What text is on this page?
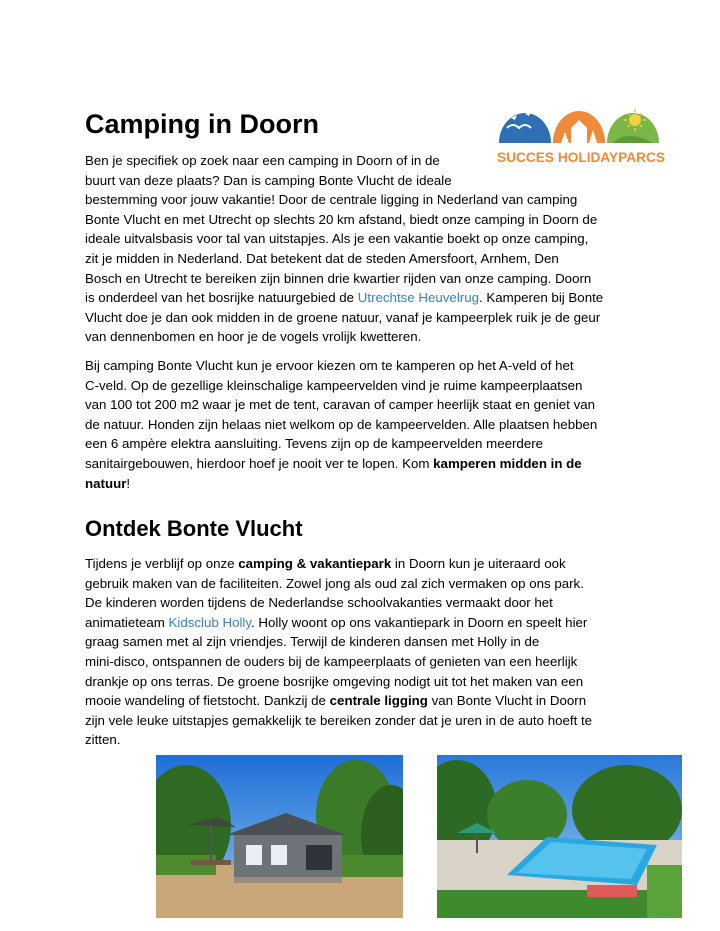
Camping in Doorn
SUCCES HOLIDAYPARCS

Ben je specifiek op zoek naar een camping in Doorn of in de
buurt van deze plaats? Dan is camping Bonte Vlucht de ideale
bestemming voor jouw vakantie! Door de centrale ligging in Nederland van camping
Bonte Vlucht en met Utrecht op slechts 20 km afstand, biedt onze camping in Doorn de
ideale uitvalsbasis voor tal van uitstapjes. Als je een vakantie boekt op onze camping,
zit je midden in Nederland. Dat betekent dat de steden Amersfoort, Arnhem, Den
Bosch en Utrecht te bereiken zijn binnen drie kwartier rijden van onze camping. Doorn
is onderdeel van het bosrijke natuurgebied de Utrechtse Heuvelrug. Kamperen bij Bonte
Vlucht doe je dan ook midden in de groene natuur, vanaf je kampeerplek ruik je de geur
van dennenbomen en hoor je de vogels vrolijk kwetteren.

Bij camping Bonte Vlucht kun je ervoor kiezen om te kamperen op het A-veld of het
C-veld. Op de gezellige kleinschalige kampeervelden vind je ruime kampeerplaatsen
van 100 tot 200 m2 waar je met de tent, caravan of camper heerlijk staat en geniet van
de natuur. Honden zijn helaas niet welkom op de kampeervelden. Alle plaatsen hebben
een 6 ampère elektra aansluiting. Tevens zijn op de kampeervelden meerdere
sanitairgebouwen, hierdoor hoef je nooit ver te lopen. Kom kamperen midden in de
natuur!

Ontdek Bonte Vlucht

Tijdens je verblijf op onze camping & vakantiepark in Doorn kun je uiteraard ook
gebruik maken van de faciliteiten. Zowel jong als oud zal zich vermaken op ons park.
De kinderen worden tijdens de Nederlandse schoolvakanties vermaakt door het
animatieteam Kidsclub Holly. Holly woont op ons vakantiepark in Doorn en speelt hier
graag samen met al zijn vriendjes. Terwijl de kinderen dansen met Holly in de
mini-disco, ontspannen de ouders bij de kampeerplaats of genieten van een heerlijk
drankje op ons terras. De groene bosrijke omgeving nodigt uit tot het maken van een
mooie wandeling of fietstocht. Dankzij de centrale ligging van Bonte Vlucht in Doorn
zijn vele leuke uitstapjes gemakkelijk te bereiken zonder dat je uren in de auto hoeft te
zitten.
